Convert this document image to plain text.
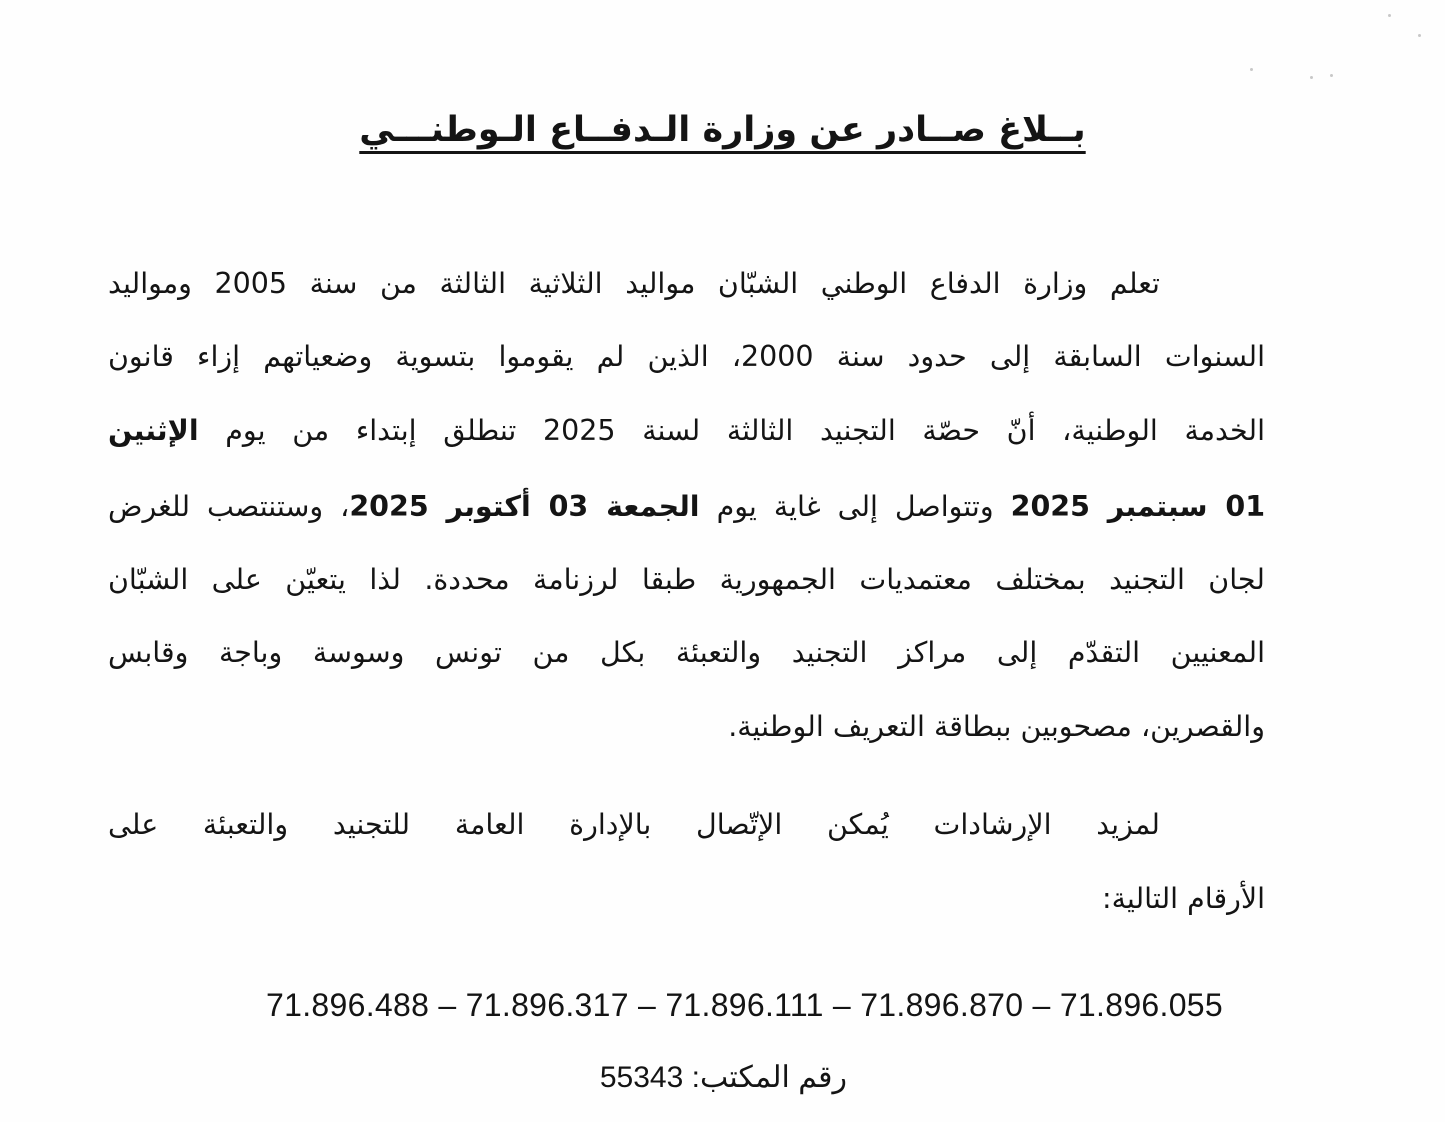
بــلاغ صــادر عن وزارة الـدفــاع الـوطنـــي
تعلم وزارة الدفاع الوطني الشبّان مواليد الثلاثية الثالثة من سنة 2005 ومواليد
السنوات السابقة إلى حدود سنة 2000، الذين لم يقوموا بتسوية وضعياتهم إزاء قانون
الخدمة الوطنية، أنّ حصّة التجنيد الثالثة لسنة 2025 تنطلق إبتداء من يوم الإثنين
01 سبتمبر 2025 وتتواصل إلى غاية يوم الجمعة 03 أكتوبر 2025، وستنتصب للغرض
لجان التجنيد بمختلف معتمديات الجمهورية طبقا لرزنامة محددة. لذا يتعيّن على الشبّان
المعنيين التقدّم إلى مراكز التجنيد والتعبئة بكل من تونس وسوسة وباجة وقابس
والقصرين، مصحوبين ببطاقة التعريف الوطنية.
لمزيد الإرشادات يُمكن الإتّصال بالإدارة العامة للتجنيد والتعبئة على
الأرقام التالية:
71.896.488 – 71.896.317 – 71.896.111 – 71.896.870 – 71.896.055
رقم المكتب: 55343
